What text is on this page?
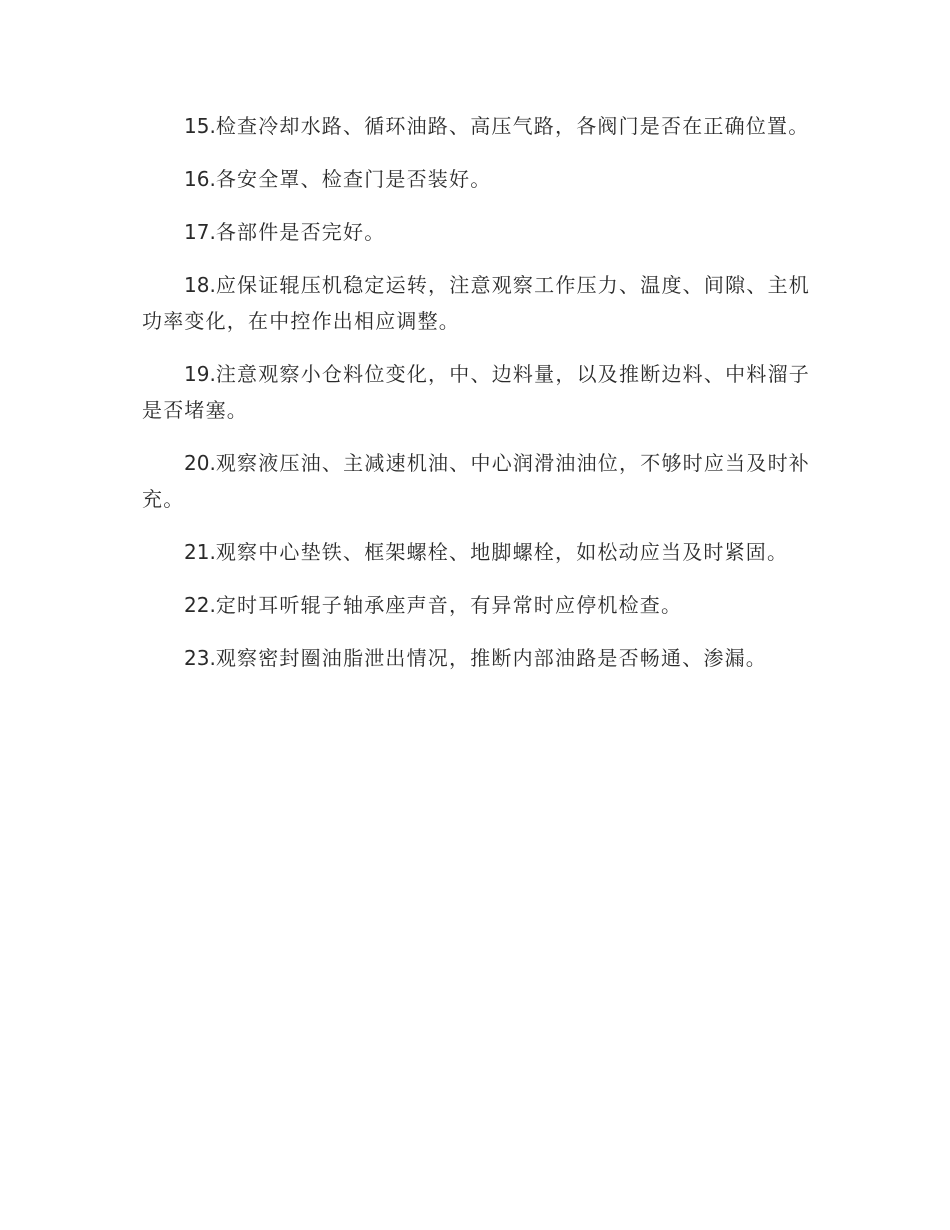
15.检查冷却水路、循环油路、高压气路，各阀门是否在正确位置。

16.各安全罩、检查门是否装好。

17.各部件是否完好。

18.应保证辊压机稳定运转，注意观察工作压力、温度、间隙、主机功率变化，在中控作出相应调整。

19.注意观察小仓料位变化，中、边料量，以及推断边料、中料溜子是否堵塞。

20.观察液压油、主减速机油、中心润滑油油位，不够时应当及时补充。

21.观察中心垫铁、框架螺栓、地脚螺栓，如松动应当及时紧固。

22.定时耳听辊子轴承座声音，有异常时应停机检查。

23.观察密封圈油脂泄出情况，推断内部油路是否畅通、渗漏。
